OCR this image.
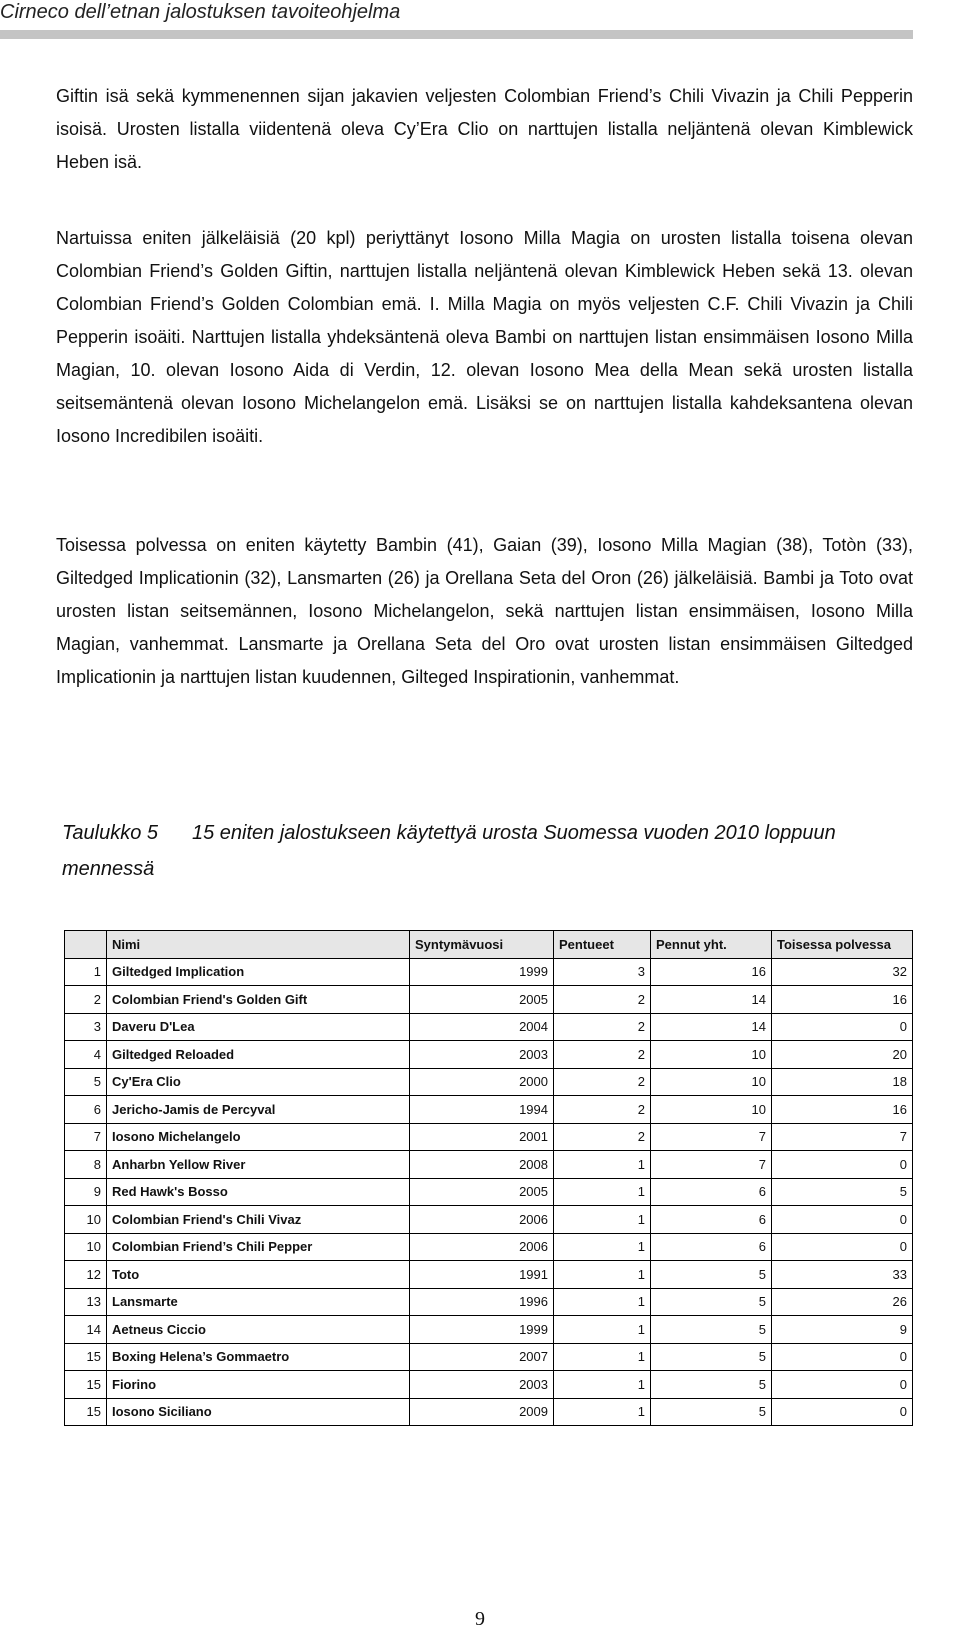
Cirneco dell’etnan jalostuksen tavoiteohjelma

Giftin isä sekä kymmenennen sijan jakavien veljesten Colombian Friend’s Chili Vivazin ja Chili Pepperin isoisä. Urosten listalla viidentenä oleva Cy’Era Clio on narttujen listalla neljäntenä olevan Kimblewick Heben isä.

Nartuissa eniten jälkeläisiä (20 kpl) periyttänyt Iosono Milla Magia on urosten listalla toisena olevan Colombian Friend’s Golden Giftin, narttujen listalla neljäntenä olevan Kimblewick Heben sekä 13. olevan Colombian Friend’s Golden Colombian emä. I. Milla Magia on myös veljesten C.F. Chili Vivazin ja Chili Pepperin isoäiti. Narttujen listalla yhdeksäntenä oleva Bambi on narttujen listan ensimmäisen Iosono Milla Magian, 10. olevan Iosono Aida di Verdin, 12. olevan Iosono Mea della Mean sekä urosten listalla seitsemäntenä olevan Iosono Michelangelon emä. Lisäksi se on narttujen listalla kahdeksantena olevan Iosono Incredibilen isoäiti.

Toisessa polvessa on eniten käytetty Bambin (41), Gaian (39), Iosono Milla Magian (38), Totòn (33), Giltedged Implicationin (32), Lansmarten (26) ja Orellana Seta del Oron (26) jälkeläisiä. Bambi ja Toto ovat urosten listan seitsemännen, Iosono Michelangelon, sekä narttujen listan ensimmäisen, Iosono Milla Magian, vanhemmat. Lansmarte ja Orellana Seta del Oro ovat urosten listan ensimmäisen Giltedged Implicationin ja narttujen listan kuudennen, Gilteged Inspirationin, vanhemmat.

Taulukko 5 15 eniten jalostukseen käytettyä urosta Suomessa vuoden 2010 loppuun mennessä

	Nimi	Syntymävuosi	Pentueet	Pennut yht.	Toisessa polvessa
1	Giltedged Implication	1999	3	16	32
2	Colombian Friend's Golden Gift	2005	2	14	16
3	Daveru D'Lea	2004	2	14	0
4	Giltedged Reloaded	2003	2	10	20
5	Cy'Era Clio	2000	2	10	18
6	Jericho-Jamis de Percyval	1994	2	10	16
7	Iosono Michelangelo	2001	2	7	7
8	Anharbn Yellow River	2008	1	7	0
9	Red Hawk's Bosso	2005	1	6	5
10	Colombian Friend's Chili Vivaz	2006	1	6	0
10	Colombian Friend’s Chili Pepper	2006	1	6	0
12	Toto	1991	1	5	33
13	Lansmarte	1996	1	5	26
14	Aetneus Ciccio	1999	1	5	9
15	Boxing Helena’s Gommaetro	2007	1	5	0
15	Fiorino	2003	1	5	0
15	Iosono Siciliano	2009	1	5	0
9
